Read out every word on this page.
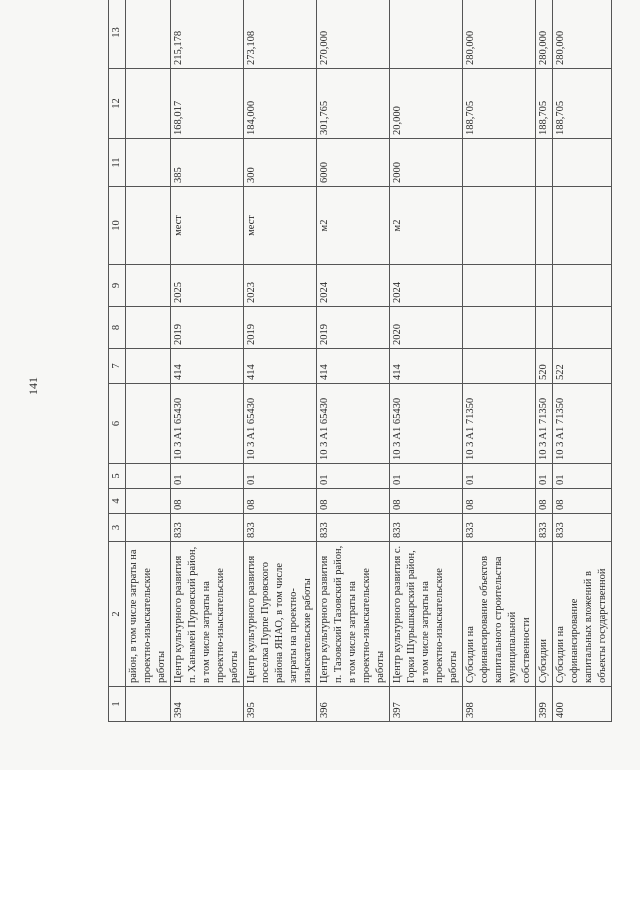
141
1	2	3	4	5	6	7	8	9	10	11	12	13
	район, в том числе затраты на проектно-изыскательские работы											
394	Центр культурного развития п. Ханымей Пуровский район, в том числе затраты на проектно-изыскательские работы	833	08	01	10 3 A1 65430	414	2019	2025	мест	385	168,017	215,178
395	Центр культурного развития поселка Пурпе Пуровского района ЯНАО, в том числе затраты на проектно-изыскательские работы	833	08	01	10 3 A1 65430	414	2019	2023	мест	300	184,000	273,108
396	Центр культурного развития п. Тазовский Тазовский район, в том числе затраты на проектно-изыскательские работы	833	08	01	10 3 A1 65430	414	2019	2024	м2	6000	301,765	270,000
397	Центр культурного развития с. Горки Шурышкарский район, в том числе затраты на проектно-изыскательские работы	833	08	01	10 3 A1 65430	414	2020	2024	м2	2000	20,000	
398	Субсидии на софинансирование объектов капитального строительства муниципальной собственности	833	08	01	10 3 A1 71350						188,705	280,000
399	Субсидии	833	08	01	10 3 A1 71350	520					188,705	280,000
400	Субсидии на софинансирование капитальных вложений в объекты государственной	833	08	01	10 3 A1 71350	522					188,705	280,000
